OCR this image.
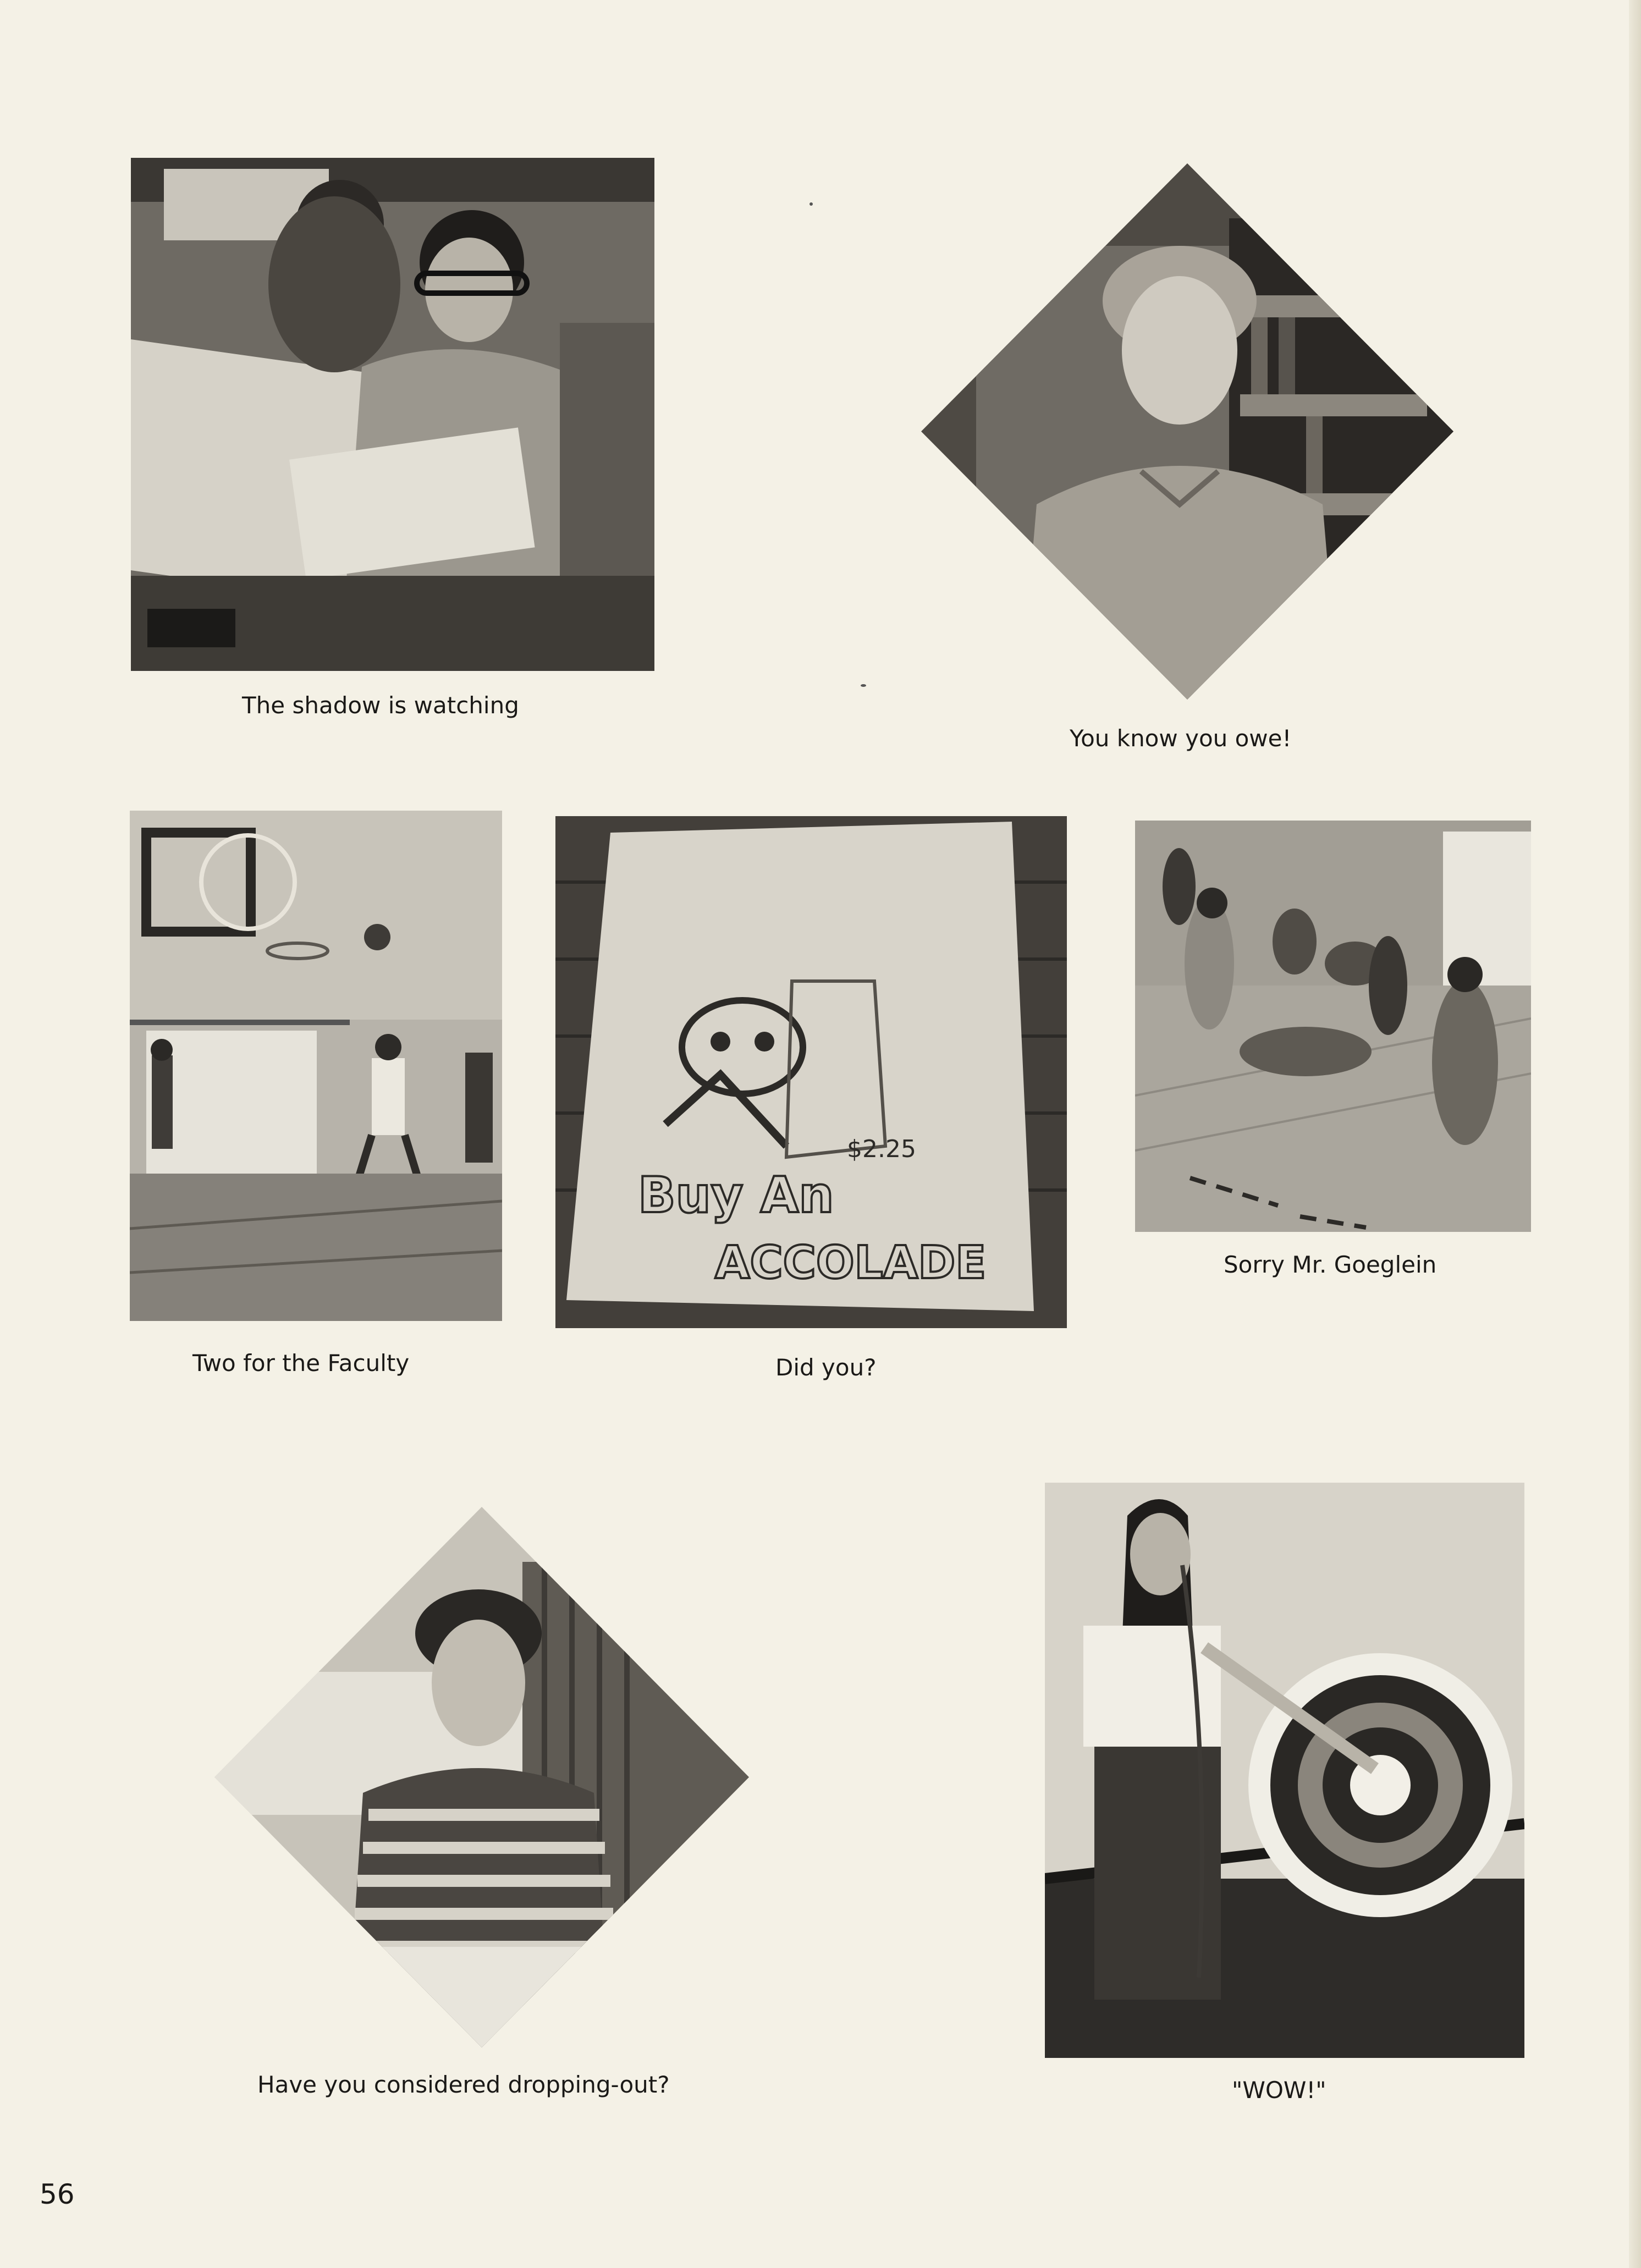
$2.25
Buy An
ACCOLADE
The shadow is watching
You know you owe!
Two for the Faculty	Did you?
Sorry Mr. Goeglein
Have you considered dropping-out?	"WOW!"
56
